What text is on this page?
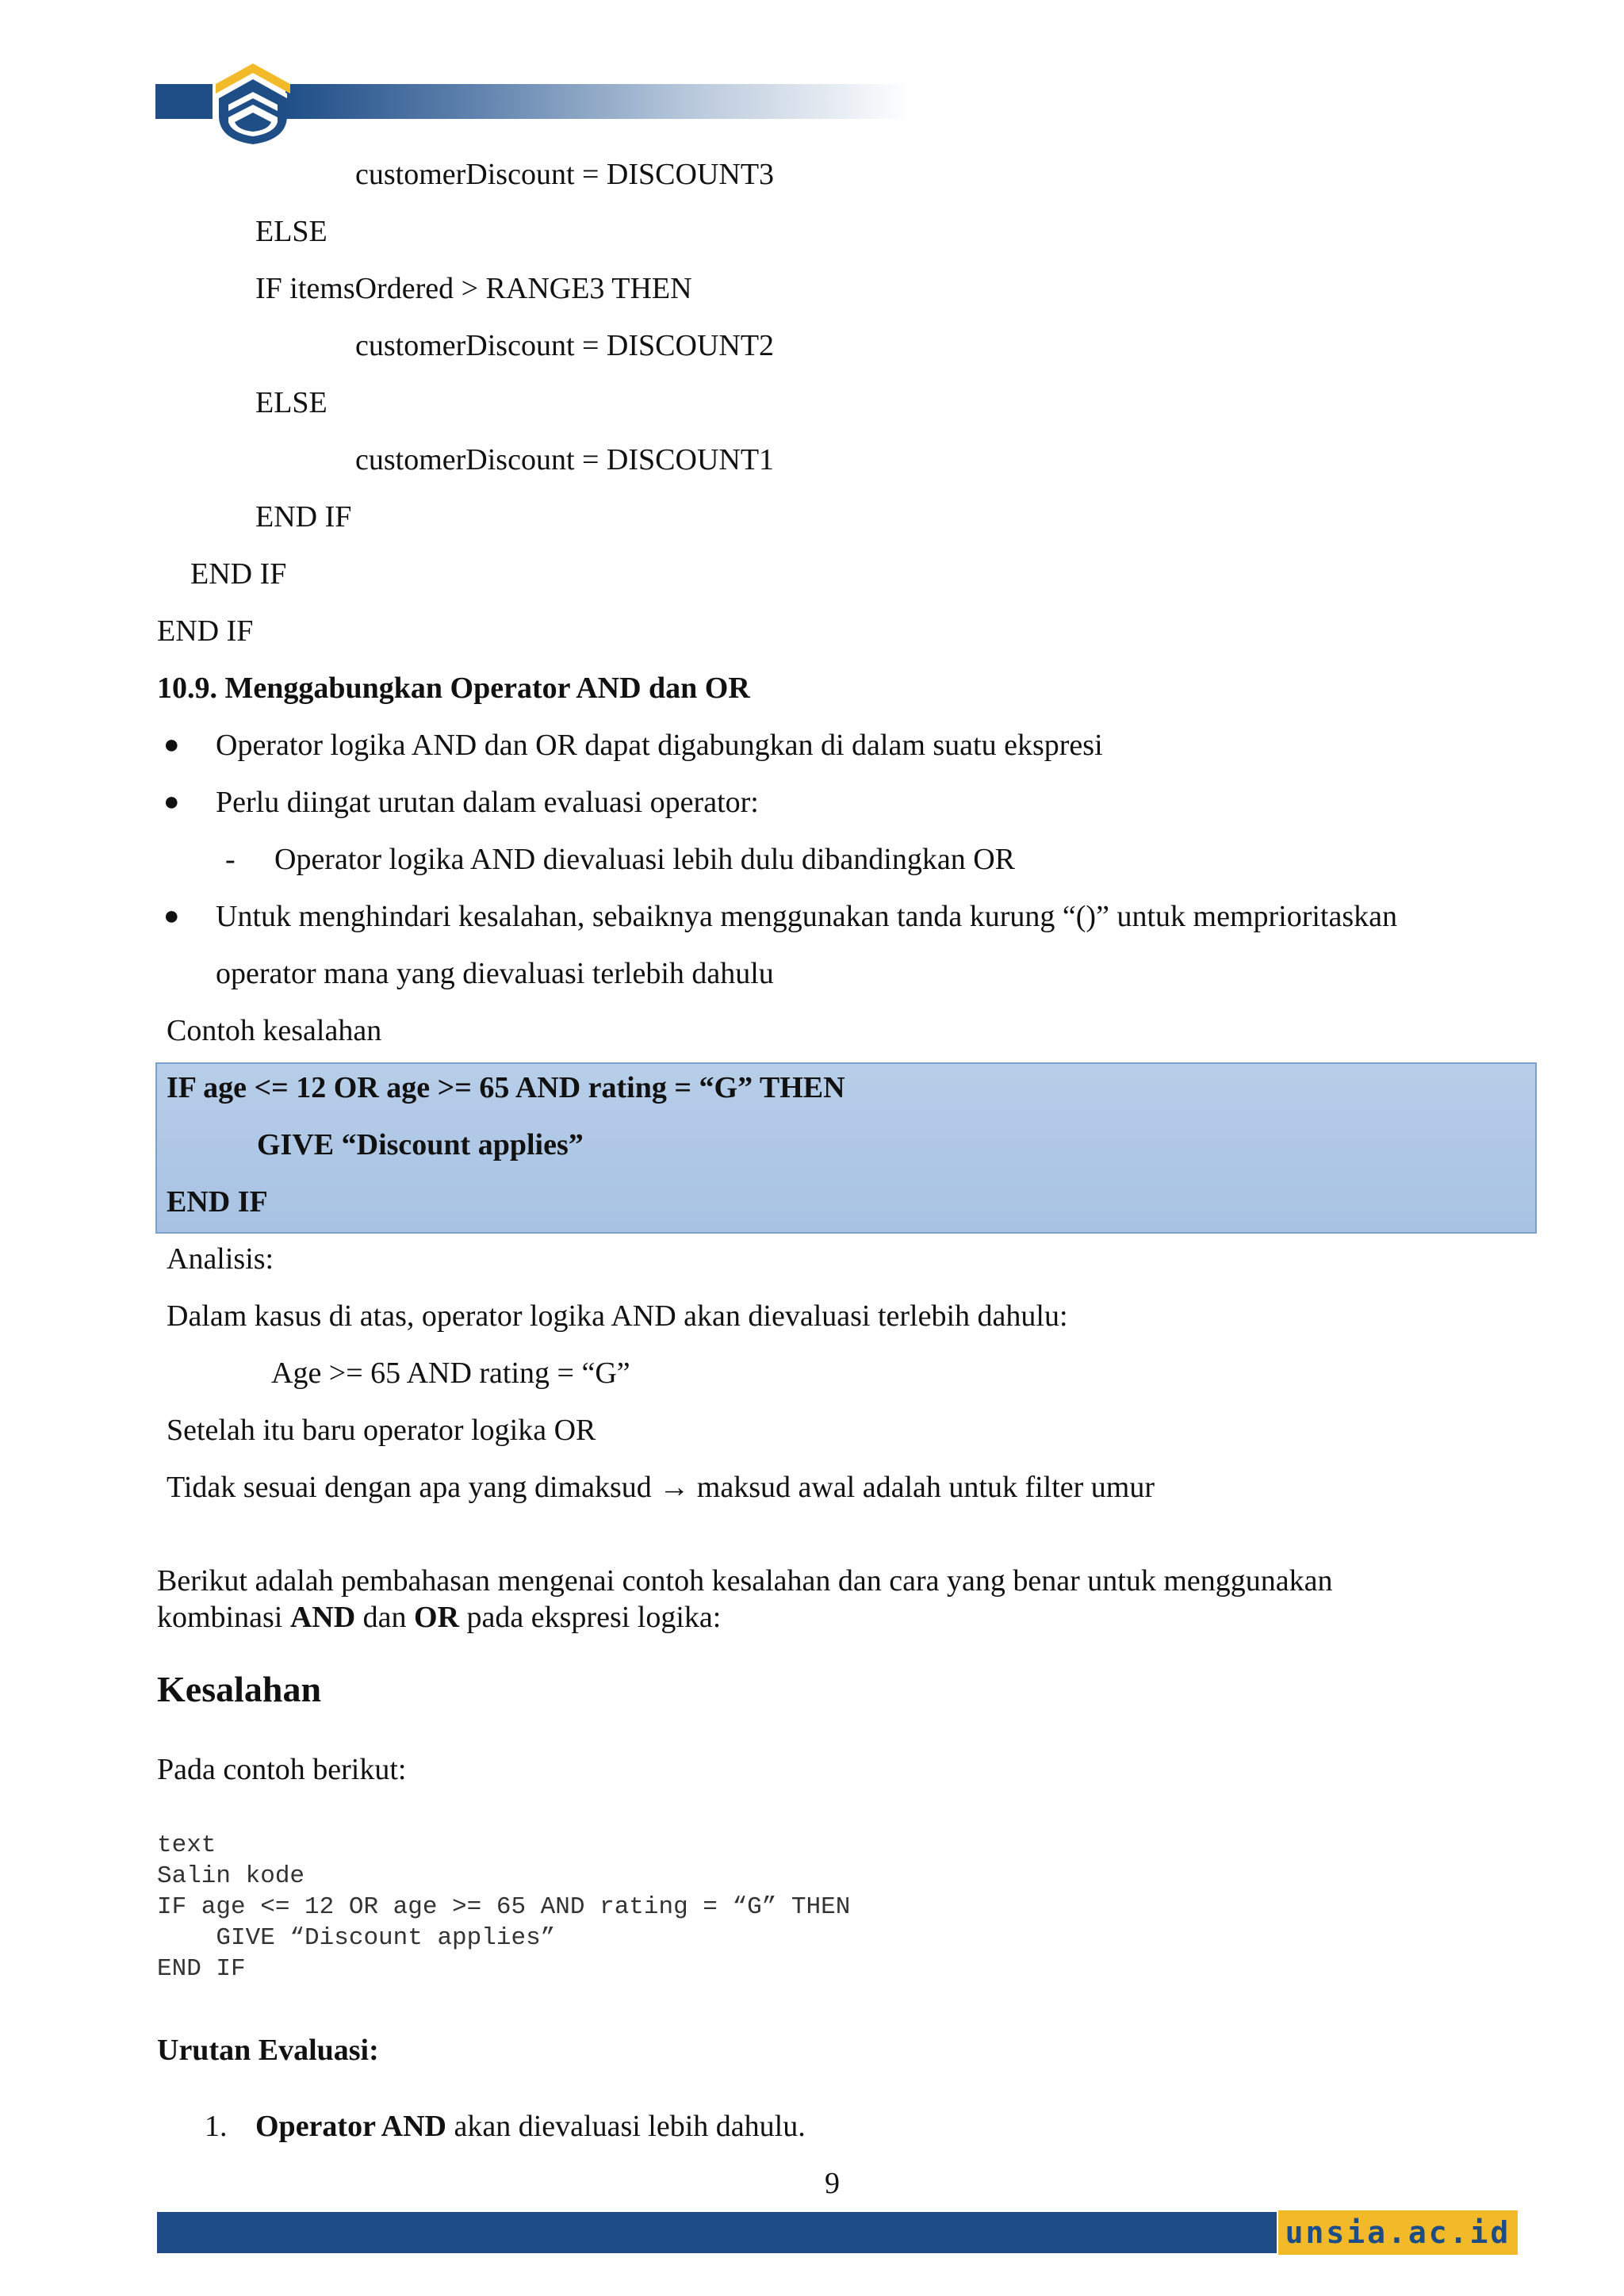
customerDiscount = DISCOUNT3
ELSE
IF itemsOrdered > RANGE3 THEN
customerDiscount = DISCOUNT2
ELSE
customerDiscount = DISCOUNT1
END IF
END IF
END IF
10.9. Menggabungkan Operator AND dan OR
● Operator logika AND dan OR dapat digabungkan di dalam suatu ekspresi
● Perlu diingat urutan dalam evaluasi operator:
- Operator logika AND dievaluasi lebih dulu dibandingkan OR
● Untuk menghindari kesalahan, sebaiknya menggunakan tanda kurung “()” untuk memprioritaskan
operator mana yang dievaluasi terlebih dahulu
Contoh kesalahan
IF age <= 12 OR age >= 65 AND rating = “G” THEN
GIVE “Discount applies”
END IF
Analisis:
Dalam kasus di atas, operator logika AND akan dievaluasi terlebih dahulu:
Age >= 65 AND rating = “G”
Setelah itu baru operator logika OR
Tidak sesuai dengan apa yang dimaksud → maksud awal adalah untuk filter umur
Berikut adalah pembahasan mengenai contoh kesalahan dan cara yang benar untuk menggunakan
kombinasi AND dan OR pada ekspresi logika:
Kesalahan
Pada contoh berikut:
text
Salin kode
IF age <= 12 OR age >= 65 AND rating = “G” THEN
GIVE “Discount applies”
END IF
Urutan Evaluasi:
1. Operator AND akan dievaluasi lebih dahulu.
9
unsia.ac.id
